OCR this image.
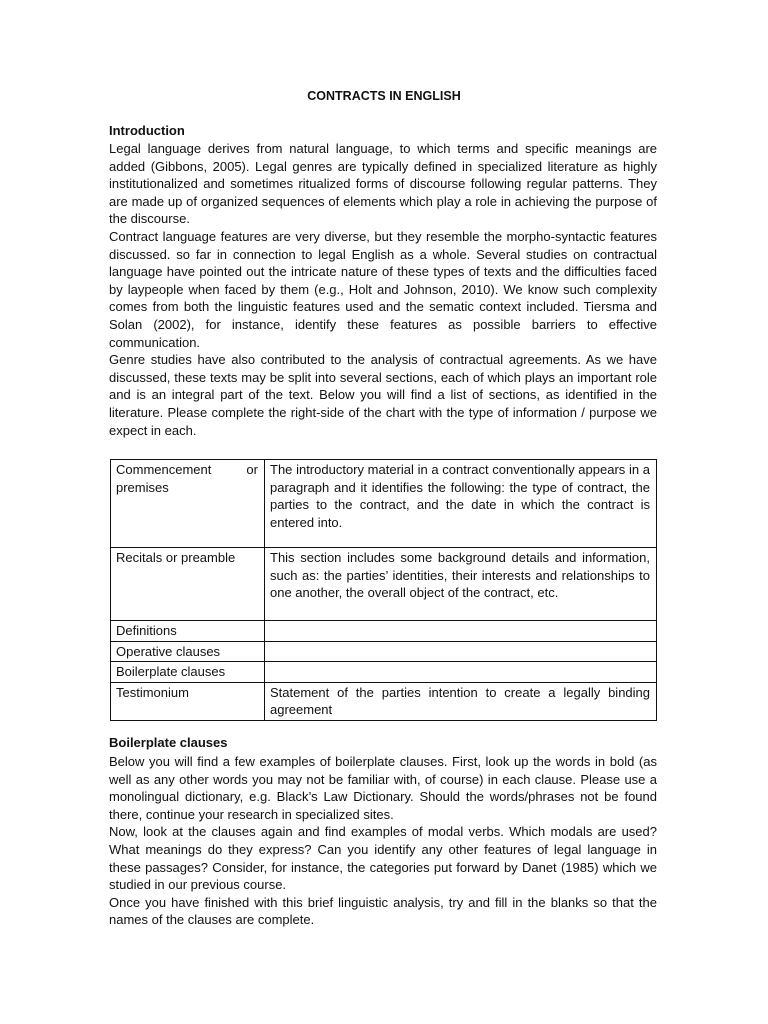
CONTRACTS IN ENGLISH
Introduction

Legal language derives from natural language, to which terms and specific meanings are added (Gibbons, 2005). Legal genres are typically defined in specialized literature as highly institutionalized and sometimes ritualized forms of discourse following regular patterns. They are made up of organized sequences of elements which play a role in achieving the purpose of the discourse.

Contract language features are very diverse, but they resemble the morpho-syntactic features discussed. so far in connection to legal English as a whole. Several studies on contractual language have pointed out the intricate nature of these types of texts and the difficulties faced by laypeople when faced by them (e.g., Holt and Johnson, 2010). We know such complexity comes from both the linguistic features used and the sematic context included. Tiersma and Solan (2002), for instance, identify these features as possible barriers to effective communication.

Genre studies have also contributed to the analysis of contractual agreements. As we have discussed, these texts may be split into several sections, each of which plays an important role and is an integral part of the text. Below you will find a list of sections, as identified in the literature. Please complete the right-side of the chart with the type of information / purpose we expect in each.

Commencement or premises	The introductory material in a contract conventionally appears in a paragraph and it identifies the following: the type of contract, the parties to the contract, and the date in which the contract is entered into.
Recitals or preamble	This section includes some background details and information, such as: the parties’ identities, their interests and relationships to one another, the overall object of the contract, etc.
Definitions	
Operative clauses	
Boilerplate clauses	
Testimonium	Statement of the parties intention to create a legally binding agreement
Boilerplate clauses

Below you will find a few examples of boilerplate clauses. First, look up the words in bold (as well as any other words you may not be familiar with, of course) in each clause. Please use a monolingual dictionary, e.g. Black’s Law Dictionary. Should the words/phrases not be found there, continue your research in specialized sites.

Now, look at the clauses again and find examples of modal verbs. Which modals are used? What meanings do they express? Can you identify any other features of legal language in these passages? Consider, for instance, the categories put forward by Danet (1985) which we studied in our previous course.

Once you have finished with this brief linguistic analysis, try and fill in the blanks so that the names of the clauses are complete.
